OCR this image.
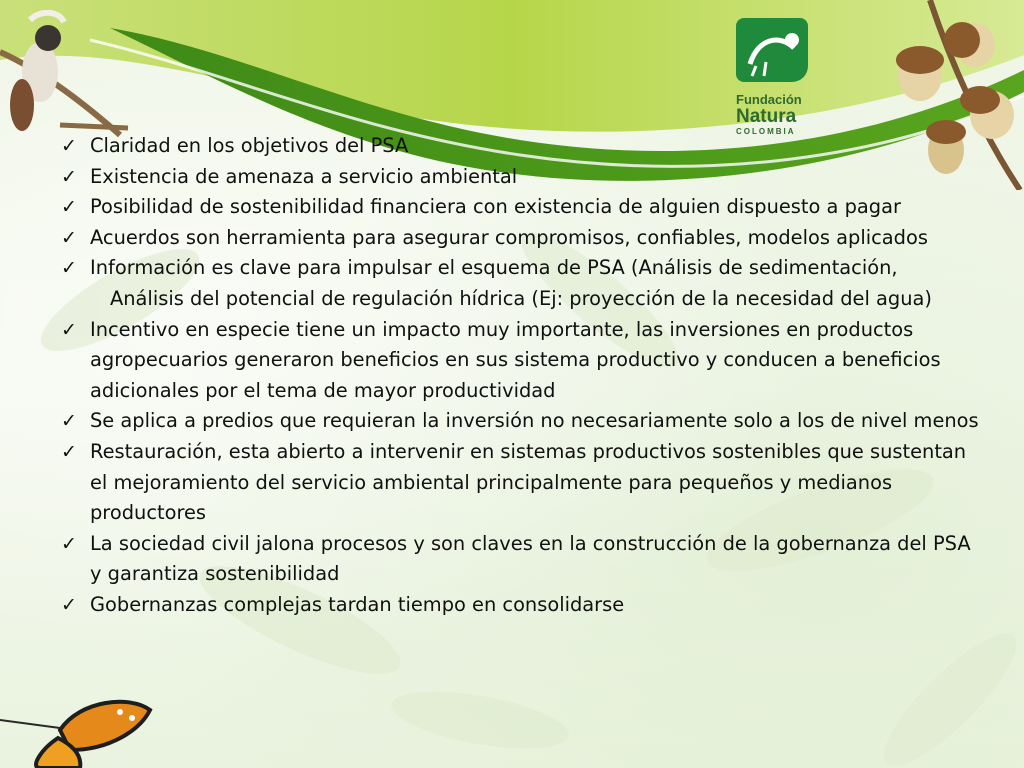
Fundación
Natura
COLOMBIA
✓ Claridad en los objetivos del PSA
✓ Existencia de amenaza a servicio ambiental
✓ Posibilidad de sostenibilidad financiera con existencia de alguien dispuesto a pagar
✓ Acuerdos son herramienta para asegurar compromisos, confiables, modelos aplicados
✓ Información es clave para impulsar el esquema de PSA (Análisis de sedimentación,
Análisis del potencial de regulación hídrica (Ej: proyección de la necesidad del agua)
✓ Incentivo en especie tiene un impacto muy importante, las inversiones en productos agropecuarios generaron beneficios en sus sistema productivo y conducen a beneficios adicionales por el tema de mayor productividad
✓ Se aplica a predios que requieran la inversión no necesariamente solo a los de nivel menos
✓ Restauración, esta abierto a intervenir en sistemas productivos sostenibles que sustentan el mejoramiento del servicio ambiental principalmente para pequeños y medianos productores
✓ La sociedad civil jalona procesos y son claves en la construcción de la gobernanza del PSA y garantiza sostenibilidad
✓ Gobernanzas complejas tardan tiempo en consolidarse
